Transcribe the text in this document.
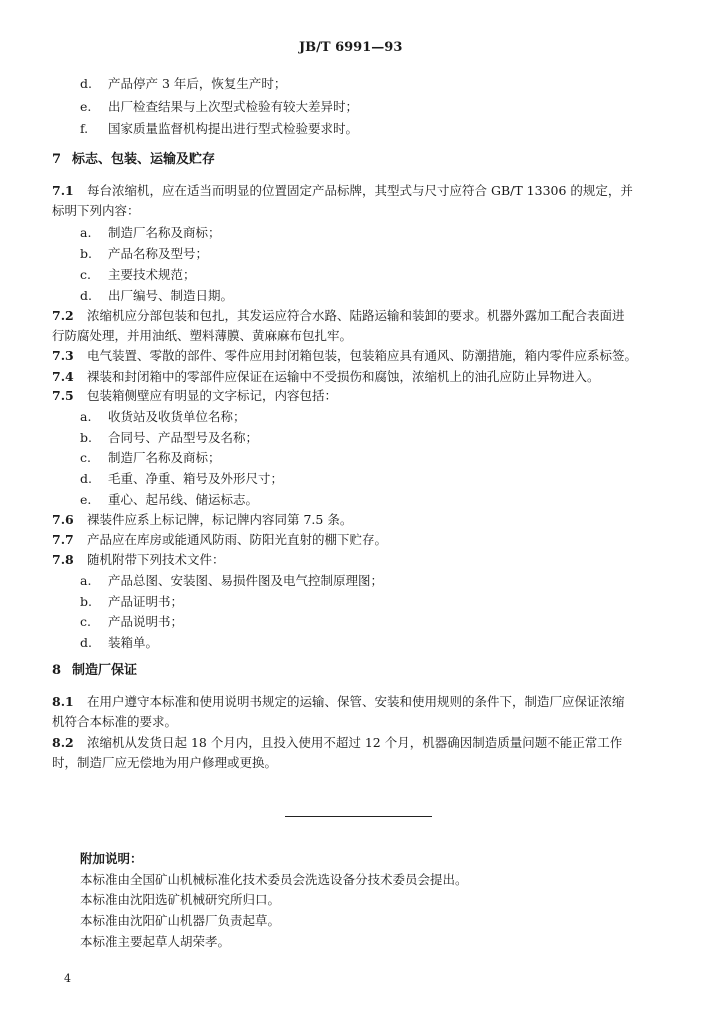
JB/T 6991—93
d. 产品停产 3 年后，恢复生产时；
e. 出厂检查结果与上次型式检验有较大差异时；
f. 国家质量监督机构提出进行型式检验要求时。
7 标志、包装、运输及贮存
7.1 每台浓缩机，应在适当而明显的位置固定产品标牌，其型式与尺寸应符合 GB/T 13306 的规定，并
标明下列内容：
a. 制造厂名称及商标；
b. 产品名称及型号；
c. 主要技术规范；
d. 出厂编号、制造日期。
7.2 浓缩机应分部包装和包扎，其发运应符合水路、陆路运输和装卸的要求。机器外露加工配合表面进
行防腐处理，并用油纸、塑料薄膜、黄麻麻布包扎牢。
7.3 电气装置、零散的部件、零件应用封闭箱包装，包装箱应具有通风、防潮措施，箱内零件应系标签。
7.4 裸装和封闭箱中的零部件应保证在运输中不受损伤和腐蚀，浓缩机上的油孔应防止异物进入。
7.5 包装箱侧壁应有明显的文字标记，内容包括：
a. 收货站及收货单位名称；
b. 合同号、产品型号及名称；
c. 制造厂名称及商标；
d. 毛重、净重、箱号及外形尺寸；
e. 重心、起吊线、储运标志。
7.6 裸装件应系上标记牌，标记牌内容同第 7.5 条。
7.7 产品应在库房或能通风防雨、防阳光直射的棚下贮存。
7.8 随机附带下列技术文件：
a. 产品总图、安装图、易损件图及电气控制原理图；
b. 产品证明书；
c. 产品说明书；
d. 装箱单。
8 制造厂保证
8.1 在用户遵守本标准和使用说明书规定的运输、保管、安装和使用规则的条件下，制造厂应保证浓缩
机符合本标准的要求。
8.2 浓缩机从发货日起 18 个月内，且投入使用不超过 12 个月，机器确因制造质量问题不能正常工作
时，制造厂应无偿地为用户修理或更换。
附加说明：
本标准由全国矿山机械标准化技术委员会洗选设备分技术委员会提出。
本标准由沈阳选矿机械研究所归口。
本标准由沈阳矿山机器厂负责起草。
本标准主要起草人胡荣孝。
4
